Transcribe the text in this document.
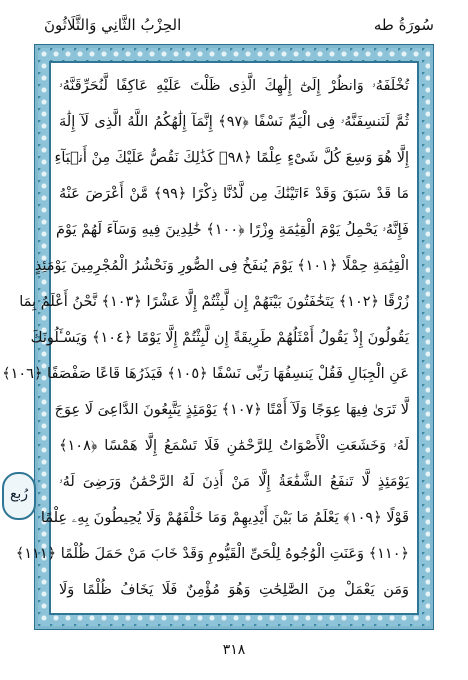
الحِزْبُ الثَّانِي وَالثَّلَاثُونَ	سُورَةُ طه
تُخْلَفَهُۥ وَانظُرْ إِلَىٰٓ إِلَٰهِكَ الَّذِى ظَلْتَ عَلَيْهِ عَاكِفًا لَّنُحَرِّقَنَّهُۥ
ثُمَّ لَنَنسِفَنَّهُۥ فِى الْيَمِّ نَسْفًا ﴿٩٧﴾ إِنَّمَآ إِلَٰهُكُمُ اللَّهُ الَّذِى لَآ إِلَٰهَ
إِلَّا هُوَ وَسِعَ كُلَّ شَىْءٍ عِلْمًا ﴿٩٨﴾ كَذَٰلِكَ نَقُصُّ عَلَيْكَ مِنْ أَنۢبَآءِ
مَا قَدْ سَبَقَ وَقَدْ ءَاتَيْنَٰكَ مِن لَّدُنَّا ذِكْرًا ﴿٩٩﴾ مَّنْ أَعْرَضَ عَنْهُ
فَإِنَّهُۥ يَحْمِلُ يَوْمَ الْقِيَٰمَةِ وِزْرًا ﴿١٠٠﴾ خَٰلِدِينَ فِيهِ وَسَآءَ لَهُمْ يَوْمَ
الْقِيَٰمَةِ حِمْلًا ﴿١٠١﴾ يَوْمَ يُنفَخُ فِى الصُّورِ وَنَحْشُرُ الْمُجْرِمِينَ يَوْمَئِذٍ
زُرْقًا ﴿١٠٢﴾ يَتَخَٰفَتُونَ بَيْنَهُمْ إِن لَّبِثْتُمْ إِلَّا عَشْرًا ﴿١٠٣﴾ نَّحْنُ أَعْلَمُ بِمَا
يَقُولُونَ إِذْ يَقُولُ أَمْثَلُهُمْ طَرِيقَةً إِن لَّبِثْتُمْ إِلَّا يَوْمًا ﴿١٠٤﴾ وَيَسْـَٔلُونَكَ
عَنِ الْجِبَالِ فَقُلْ يَنسِفُهَا رَبِّى نَسْفًا ﴿١٠٥﴾ فَيَذَرُهَا قَاعًا صَفْصَفًا ﴿١٠٦﴾
لَّا تَرَىٰ فِيهَا عِوَجًا وَلَآ أَمْتًا ﴿١٠٧﴾ يَوْمَئِذٍ يَتَّبِعُونَ الدَّاعِىَ لَا عِوَجَ
لَهُۥ وَخَشَعَتِ الْأَصْوَاتُ لِلرَّحْمَٰنِ فَلَا تَسْمَعُ إِلَّا هَمْسًا ﴿١٠٨﴾
يَوْمَئِذٍ لَّا تَنفَعُ الشَّفَٰعَةُ إِلَّا مَنْ أَذِنَ لَهُ الرَّحْمَٰنُ وَرَضِىَ لَهُۥ
قَوْلًا ﴿١٠٩﴾ يَعْلَمُ مَا بَيْنَ أَيْدِيهِمْ وَمَا خَلْفَهُمْ وَلَا يُحِيطُونَ بِهِۦ عِلْمًا
﴿١١٠﴾ وَعَنَتِ الْوُجُوهُ لِلْحَىِّ الْقَيُّومِ وَقَدْ خَابَ مَنْ حَمَلَ ظُلْمًا ﴿١١١﴾
وَمَن يَعْمَلْ مِنَ الصَّٰلِحَٰتِ وَهُوَ مُؤْمِنٌ فَلَا يَخَافُ ظُلْمًا وَلَا
رُبع
٣١٨
